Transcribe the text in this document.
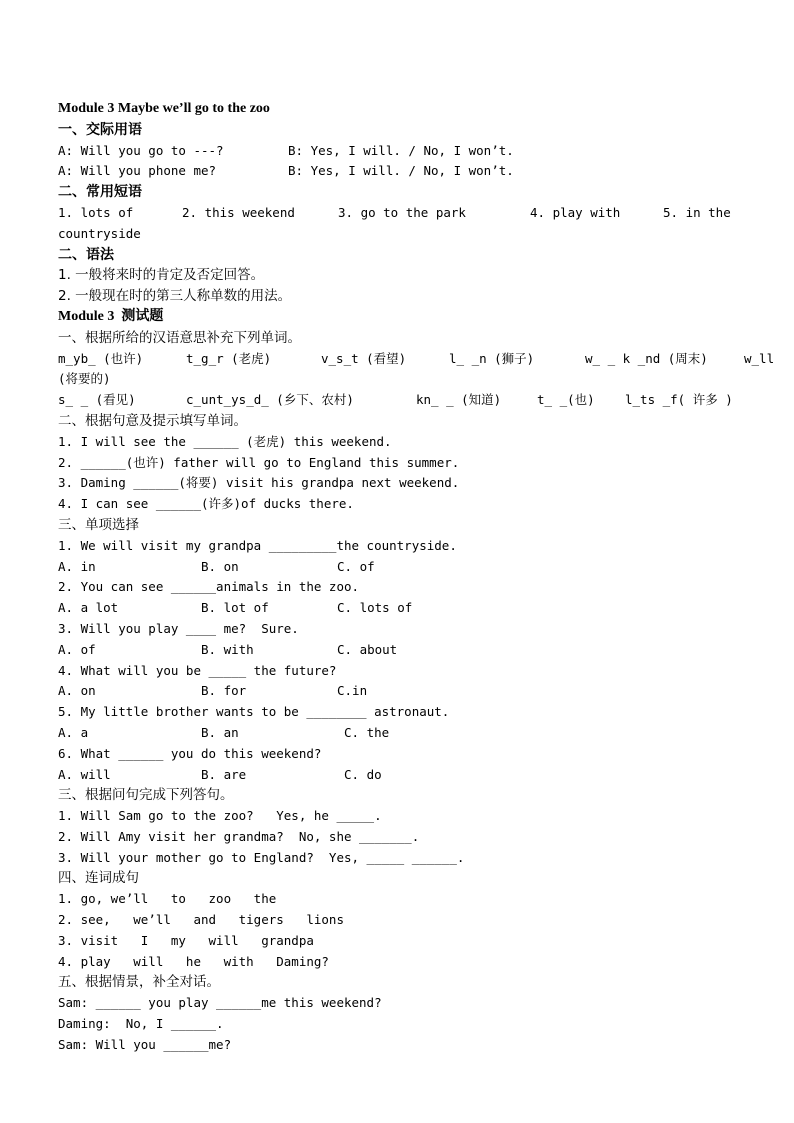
Module 3 Maybe we’ll go to the zoo
一、交际用语
A: Will you go to ---?	B: Yes, I will. / No, I won’t.
A: Will you phone me?	B: Yes, I will. / No, I won’t.
二、常用短语
1. lots of	2. this weekend	3. go to the park	4. play with	5. in the
countryside
二、语法
1. 一般将来时的肯定及否定回答。
2. 一般现在时的第三人称单数的用法。
Module 3  测试题
一、根据所给的汉语意思补充下列单词。
m_yb_ (也许)	t_g_r (老虎)	v_s_t (看望)	l_ _n (狮子)	w_ _ k _nd (周末)	w_ll
(将要的)
s_ _ (看见)	c_unt_ys_d_ (乡下、农村)	kn_ _ (知道)	t_ _(也)	l_ts _f( 许多 )
二、根据句意及提示填写单词。
1. I will see the ______ (老虎) this weekend.
2. ______(也许) father will go to England this summer.
3. Daming ______(将要) visit his grandpa next weekend.
4. I can see ______(许多)of ducks there.
三、单项选择
1. We will visit my grandpa _________the countryside.
A. in	B. on	C. of
2. You can see ______animals in the zoo.
A. a lot	B. lot of	C. lots of
3. Will you play ____ me?  Sure.
A. of	B. with	C. about
4. What will you be _____ the future?
A. on	B. for	C.in
5. My little brother wants to be ________ astronaut.
A. a	B. an	C. the
6. What ______ you do this weekend?
A. will	B. are	C. do
三、根据问句完成下列答句。
1. Will Sam go to the zoo?   Yes, he _____.
2. Will Amy visit her grandma?  No, she _______.
3. Will your mother go to England?  Yes, _____ ______.
四、连词成句
1. go, we’ll   to   zoo   the
2. see,   we’ll   and   tigers   lions
3. visit   I   my   will   grandpa
4. play   will   he   with   Daming?
五、根据情景，补全对话。
Sam: ______ you play ______me this weekend?
Daming:  No, I ______.
Sam: Will you ______me?
